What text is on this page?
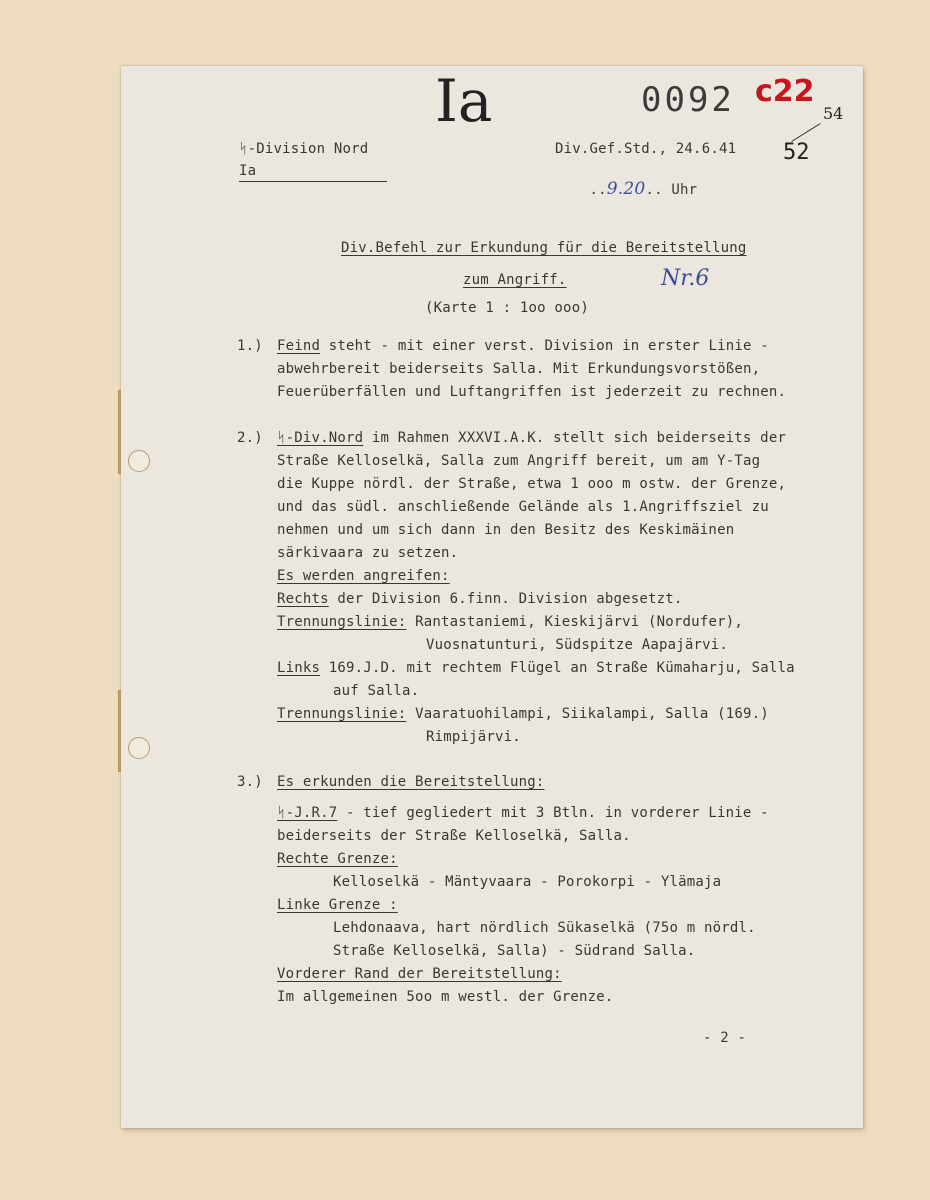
ᛋ-Division Nord
Ia
Ia	0092 c22
54
52
Div.Gef.Std., 24.6.41

..9.20.. Uhr

Div.Befehl zur Erkundung für die Bereitstellung
zum Angriff.	Nr.6
(Karte 1 : 1oo ooo)
1.) Feind steht - mit einer verst. Division in erster Linie -
abwehrbereit beiderseits Salla. Mit Erkundungsvorstößen,
Feuerüberfällen und Luftangriffen ist jederzeit zu rechnen.
2.) ᛋ-Div.Nord im Rahmen XXXVI.A.K. stellt sich beiderseits der
Straße Kelloselkä, Salla zum Angriff bereit, um am Y-Tag
die Kuppe nördl. der Straße, etwa 1 ooo m ostw. der Grenze,
und das südl. anschließende Gelände als 1.Angriffsziel zu
nehmen und um sich dann in den Besitz des Keskimäinen
särkivaara zu setzen.
Es werden angreifen:
Rechts der Division 6.finn. Division abgesetzt.
Trennungslinie: Rantastaniemi, Kieskijärvi (Nordufer),
Vuosnatunturi, Südspitze Aapajärvi.
Links 169.J.D. mit rechtem Flügel an Straße Kümaharju, Salla
auf Salla.
Trennungslinie: Vaaratuohilampi, Siikalampi, Salla (169.)
Rimpijärvi.
3.) Es erkunden die Bereitstellung:
ᛋ-J.R.7 - tief gegliedert mit 3 Btln. in vorderer Linie -
beiderseits der Straße Kelloselkä, Salla.
Rechte Grenze:
Kelloselkä - Mäntyvaara - Porokorpi - Ylämaja
Linke Grenze :
Lehdonaava, hart nördlich Sükaselkä (75o m nördl.
Straße Kelloselkä, Salla) - Südrand Salla.
Vorderer Rand der Bereitstellung:
Im allgemeinen 5oo m westl. der Grenze.
- 2 -
